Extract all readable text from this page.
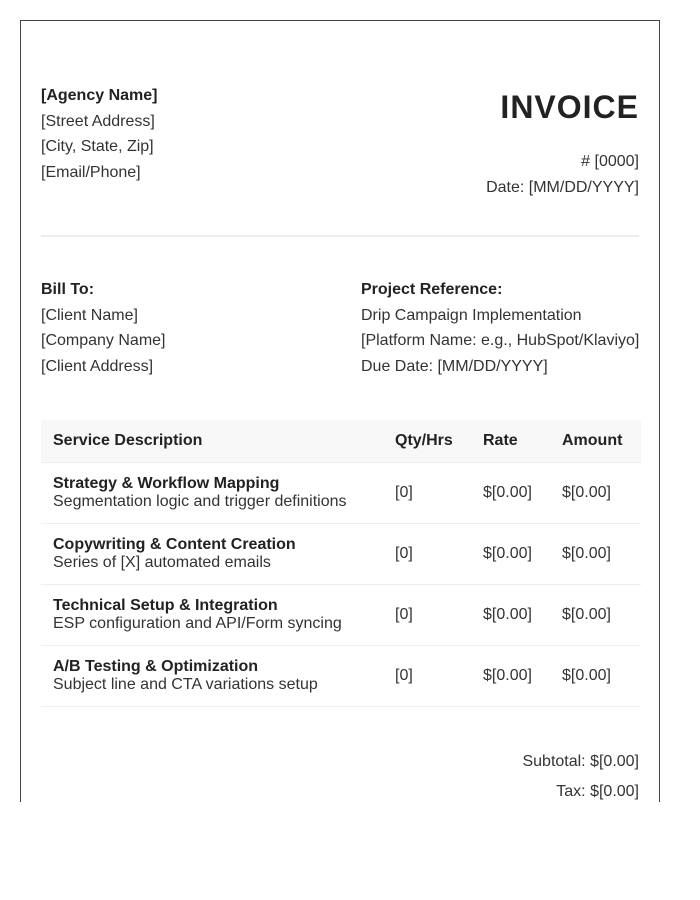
[Agency Name]
[Street Address]
[City, State, Zip]
[Email/Phone]
INVOICE
# [0000]
Date: [MM/DD/YYYY]
Bill To:
[Client Name]
[Company Name]
[Client Address]
Project Reference:
Drip Campaign Implementation
[Platform Name: e.g., HubSpot/Klaviyo]
Due Date: [MM/DD/YYYY]
Service Description	Qty/Hrs	Rate	Amount

Strategy & Workflow Mapping
Segmentation logic and trigger definitions	[0]	$[0.00]	$[0.00]

Copywriting & Content Creation
Series of [X] automated emails	[0]	$[0.00]	$[0.00]

Technical Setup & Integration
ESP configuration and API/Form syncing	[0]	$[0.00]	$[0.00]

A/B Testing & Optimization
Subject line and CTA variations setup	[0]	$[0.00]	$[0.00]
Subtotal: $[0.00]
Tax: $[0.00]
